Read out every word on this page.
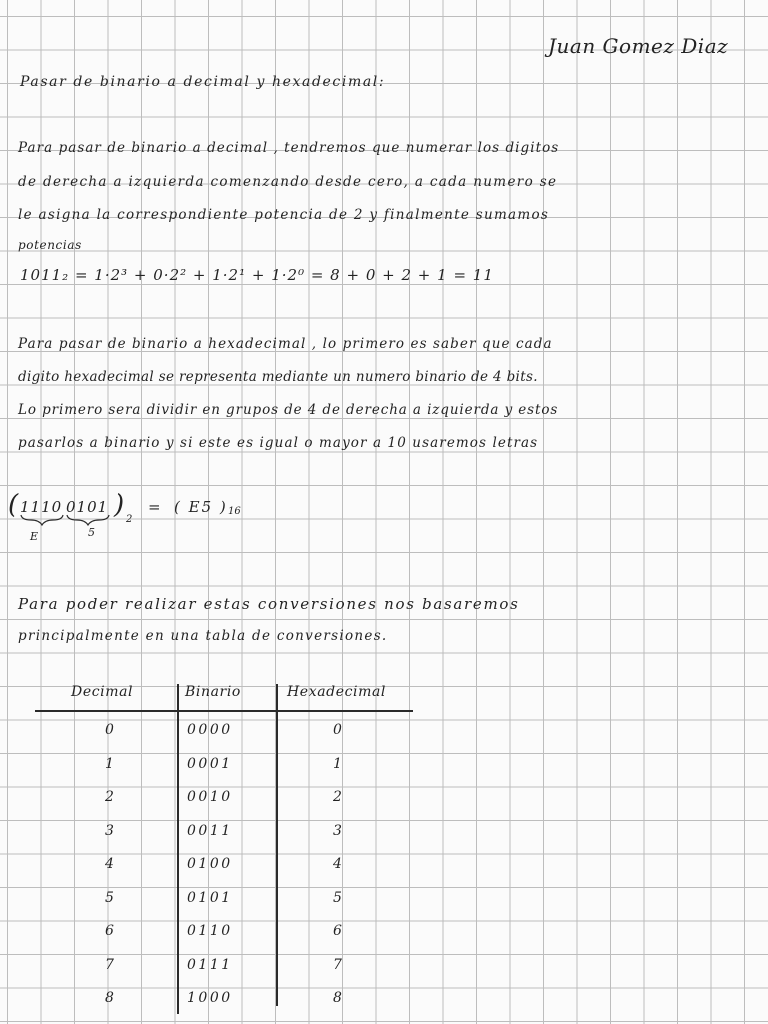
Juan Gomez Diaz
Pasar de binario a decimal y hexadecimal:
Para pasar de binario a decimal , tendremos que numerar los digitos
de derecha a izquierda comenzando desde cero, a cada numero se
le asigna la correspondiente potencia de 2 y finalmente sumamos
potencias
1011₂ = 1·2³ + 0·2² + 1·2¹ + 1·2⁰ = 8 + 0 + 2 + 1 = 11
Para pasar de binario a hexadecimal , lo primero es saber que cada
digito hexadecimal se representa mediante un numero binario de 4 bits.
Lo primero sera dividir en grupos de 4 de derecha a izquierda y estos
pasarlos a binario y si este es igual o mayor a 10 usaremos letras
( 1110 0101 ) 2
= ( E5 ) 16
E	5
Para poder realizar estas conversiones nos basaremos
principalmente en una tabla de conversiones.
Decimal	Binario	Hexadecimal
0	0000	0
1	0001	1
2	0010	2
3	0011	3
4	0100	4
5	0101	5
6	0110	6
7	0111	7
8	1000	8
